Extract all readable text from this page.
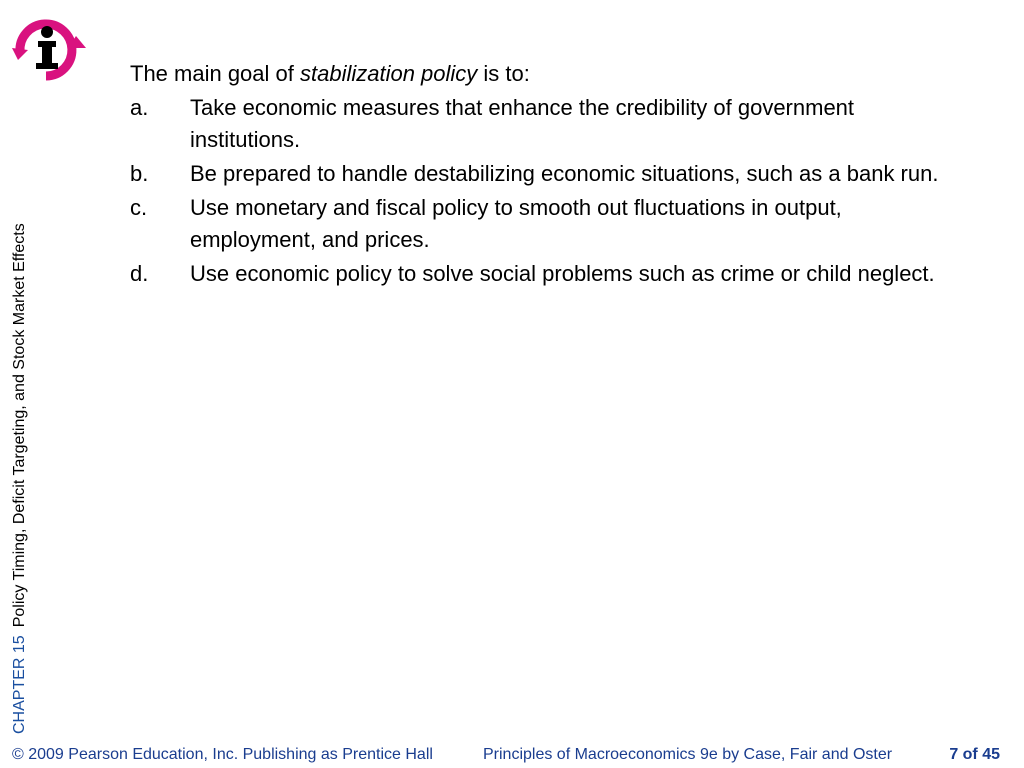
CHAPTER 15Policy Timing, Deficit Targeting, and Stock Market Effects

The main goal of stabilization policy is to:

a.	Take economic measures that enhance the credibility of government institutions.
b.	Be prepared to handle destabilizing economic situations, such as a bank run.
c.	Use monetary and fiscal policy to smooth out fluctuations in output, employment, and prices.
d.	Use economic policy to solve social problems such as crime or child neglect.
© 2009 Pearson Education, Inc. Publishing as Prentice Hall	Principles of Macroeconomics 9e by Case, Fair and Oster	7 of 45
